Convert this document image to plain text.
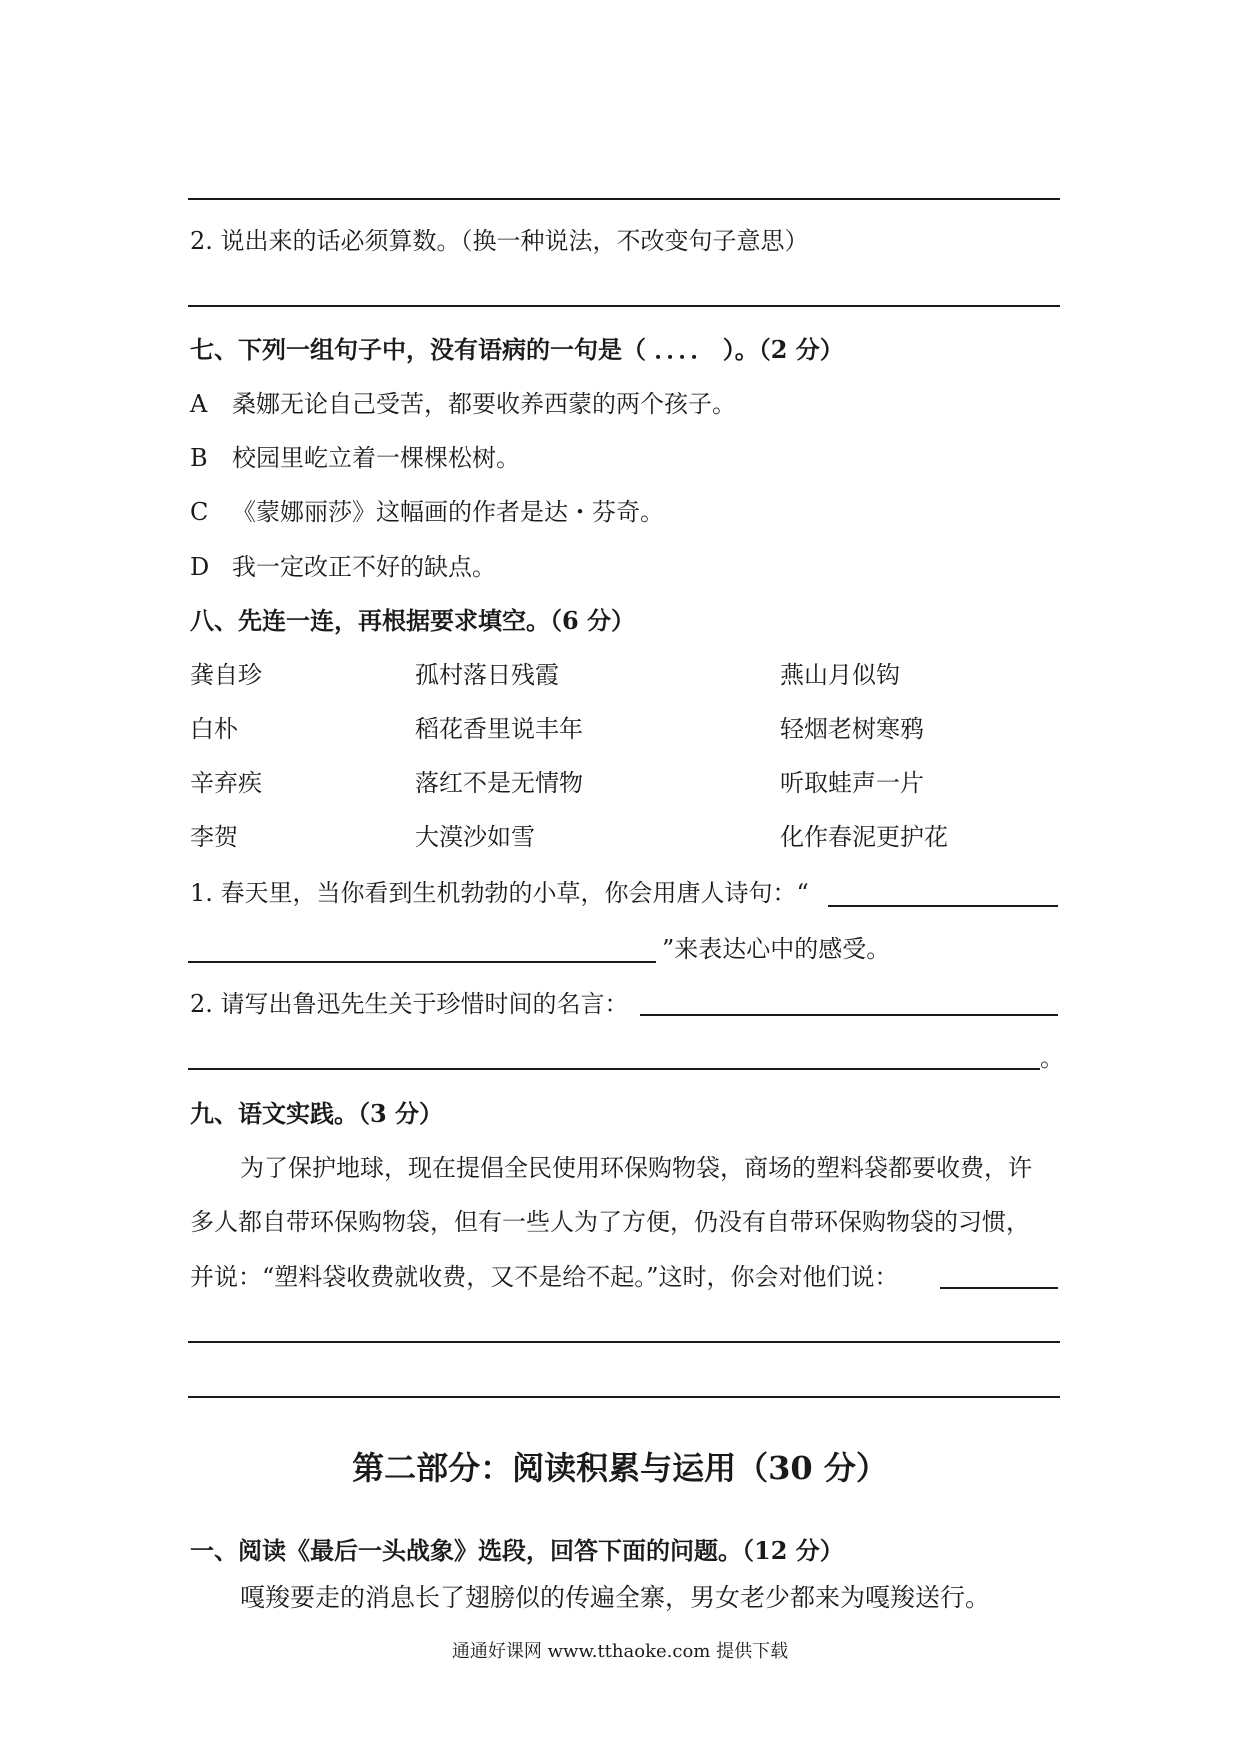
2. 说出来的话必须算数。（换一种说法，不改变句子意思）
七、下列一组句子中，没有语病的一句是（ ．．．． ）。（2 分）
A 桑娜无论自己受苦，都要收养西蒙的两个孩子。
B 校园里屹立着一棵棵松树。
C 《蒙娜丽莎》这幅画的作者是达・芬奇。
D 我一定改正不好的缺点。
八、先连一连，再根据要求填空。（6 分）
龚自珍	孤村落日残霞	燕山月似钩
白朴	稻花香里说丰年	轻烟老树寒鸦
辛弃疾	落红不是无情物	听取蛙声一片
李贺	大漠沙如雪	化作春泥更护花
1. 春天里，当你看到生机勃勃的小草，你会用唐人诗句：“
”来表达心中的感受。
2. 请写出鲁迅先生关于珍惜时间的名言：
。
九、语文实践。（3 分）
为了保护地球，现在提倡全民使用环保购物袋，商场的塑料袋都要收费，许
多人都自带环保购物袋，但有一些人为了方便，仍没有自带环保购物袋的习惯，
并说：“塑料袋收费就收费，又不是给不起。”这时，你会对他们说：
第二部分：阅读积累与运用（30 分）
一、阅读《最后一头战象》选段，回答下面的问题。（12 分）
嘎羧要走的消息长了翅膀似的传遍全寨，男女老少都来为嘎羧送行。
通通好课网 www.tthaoke.com 提供下载
